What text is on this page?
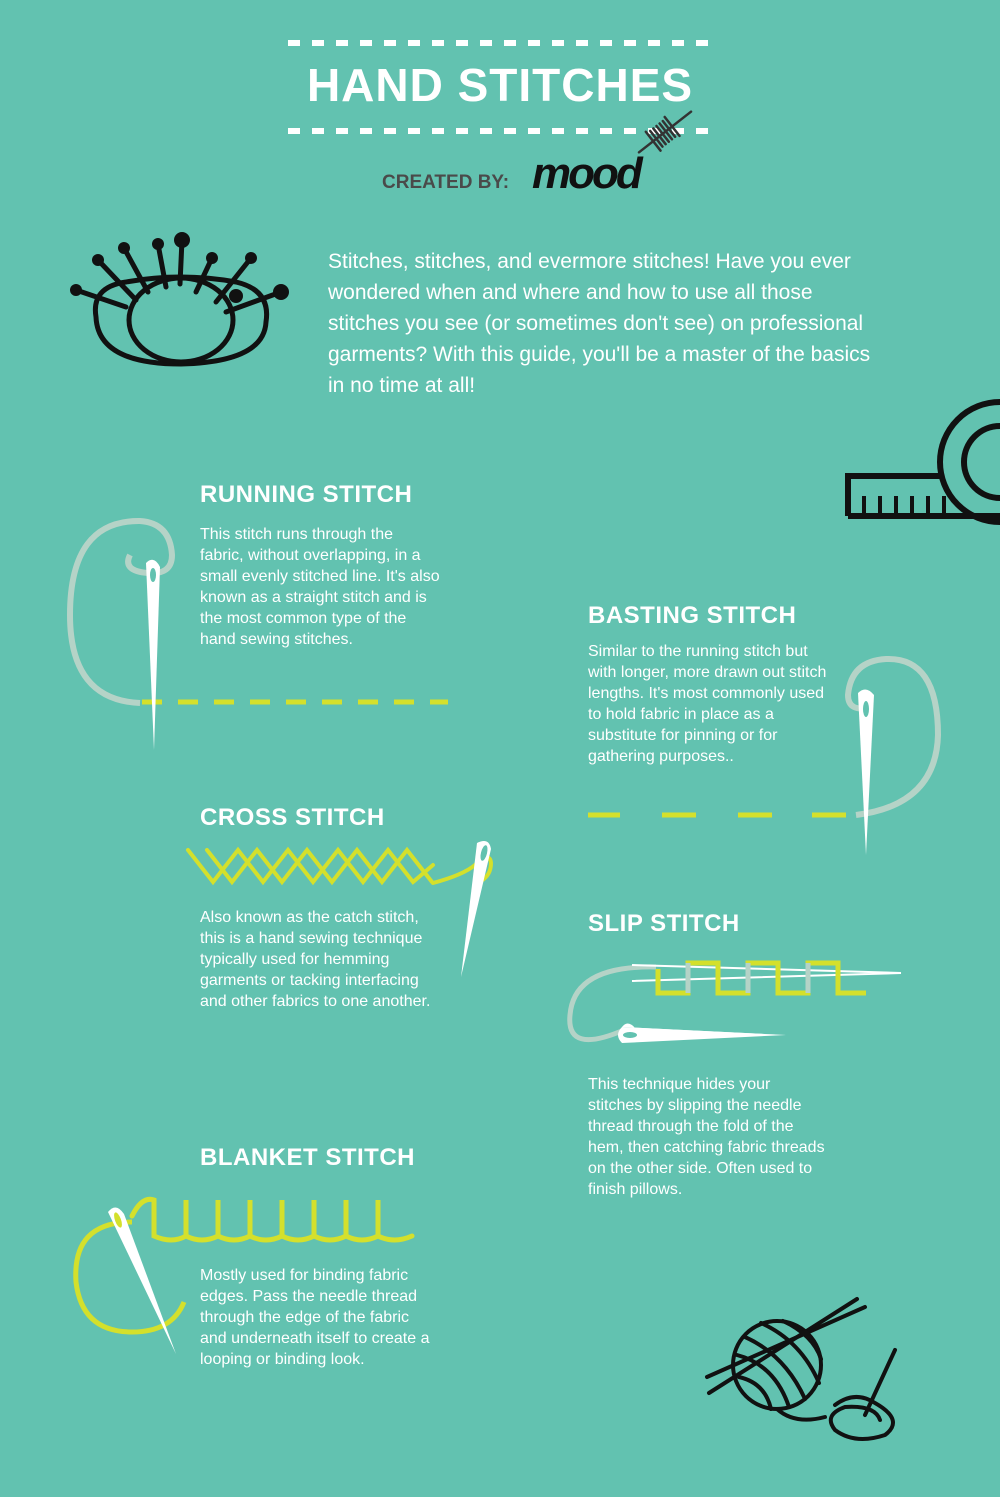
HAND STITCHES
CREATED BY: mood
Stitches, stitches, and evermore stitches! Have you ever wondered when and where and how to use all those stitches you see (or sometimes don't see) on professional garments? With this guide, you'll be a master of the basics in no time at all!
RUNNING STITCH
This stitch runs through the fabric, without overlapping, in a small evenly stitched line. It's also known as a straight stitch and is the most common type of the hand sewing stitches.
BASTING STITCH
Similar to the running stitch but with longer, more drawn out stitch lengths. It's most commonly used to hold fabric in place as a substitute for pinning or for gathering purposes..
CROSS STITCH
Also known as the catch stitch, this is a hand sewing technique typically used for hemming garments or tacking interfacing and other fabrics to one another.
SLIP STITCH
This technique hides your stitches by slipping the needle thread through the fold of the hem, then catching fabric threads on the other side. Often used to finish pillows.
BLANKET STITCH
Mostly used for binding fabric edges. Pass the needle thread through the edge of the fabric and underneath itself to create a looping or binding look.
